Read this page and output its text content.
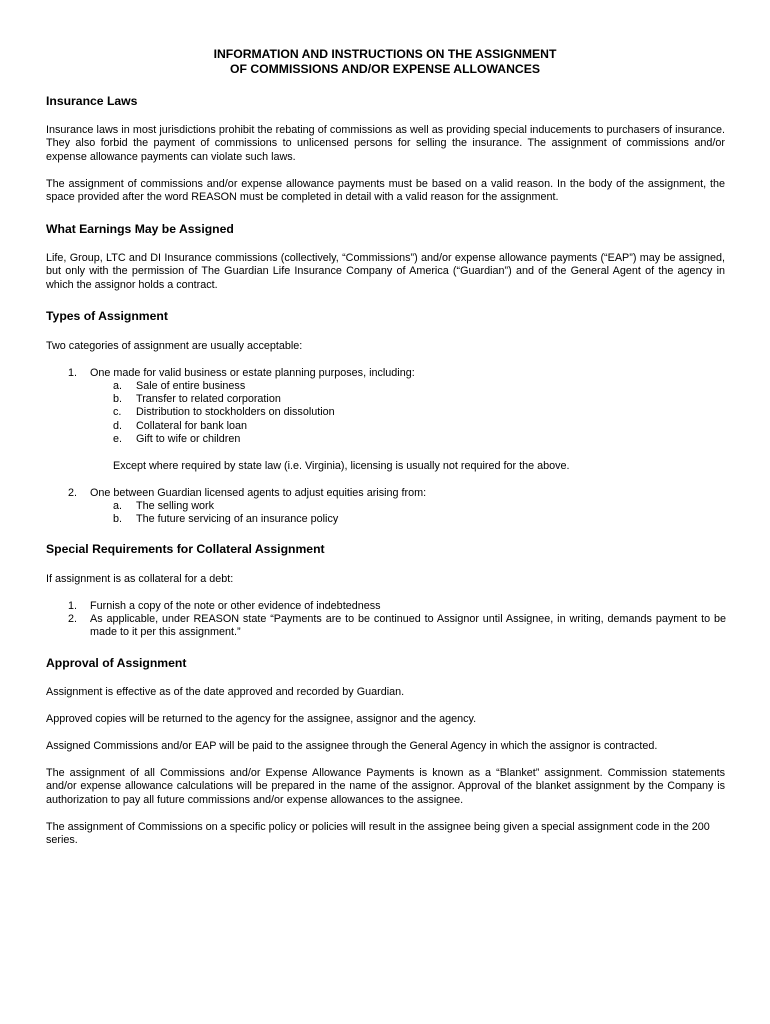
INFORMATION AND INSTRUCTIONS ON THE ASSIGNMENT
OF COMMISSIONS AND/OR EXPENSE ALLOWANCES
Insurance Laws

Insurance laws in most jurisdictions prohibit the rebating of commissions as well as providing special inducements to purchasers of insurance. They also forbid the payment of commissions to unlicensed persons for selling the insurance. The assignment of commissions and/or expense allowance payments can violate such laws.

The assignment of commissions and/or expense allowance payments must be based on a valid reason. In the body of the assignment, the space provided after the word REASON must be completed in detail with a valid reason for the assignment.

What Earnings May be Assigned

Life, Group, LTC and DI Insurance commissions (collectively, “Commissions”) and/or expense allowance payments (“EAP”) may be assigned, but only with the permission of The Guardian Life Insurance Company of America (“Guardian”) and of the General Agent of the agency in which the assignor holds a contract.

Types of Assignment
Two categories of assignment are usually acceptable:
1. One made for valid business or estate planning purposes, including:
a. Sale of entire business
b. Transfer to related corporation
c. Distribution to stockholders on dissolution
d. Collateral for bank loan
e. Gift to wife or children
Except where required by state law (i.e. Virginia), licensing is usually not required for the above.
2. One between Guardian licensed agents to adjust equities arising from:
a. The selling work
b. The future servicing of an insurance policy
Special Requirements for Collateral Assignment
If assignment is as collateral for a debt:
1. Furnish a copy of the note or other evidence of indebtedness
2. As applicable, under REASON state “Payments are to be continued to Assignor until Assignee, in writing, demands payment to be made to it per this assignment.”
Approval of Assignment

Assignment is effective as of the date approved and recorded by Guardian.

Approved copies will be returned to the agency for the assignee, assignor and the agency.

Assigned Commissions and/or EAP will be paid to the assignee through the General Agency in which the assignor is contracted.

The assignment of all Commissions and/or Expense Allowance Payments is known as a “Blanket” assignment. Commission statements and/or expense allowance calculations will be prepared in the name of the assignor. Approval of the blanket assignment by the Company is authorization to pay all future commissions and/or expense allowances to the assignee.

The assignment of Commissions on a specific policy or policies will result in the assignee being given a special assignment code in the 200 series.
